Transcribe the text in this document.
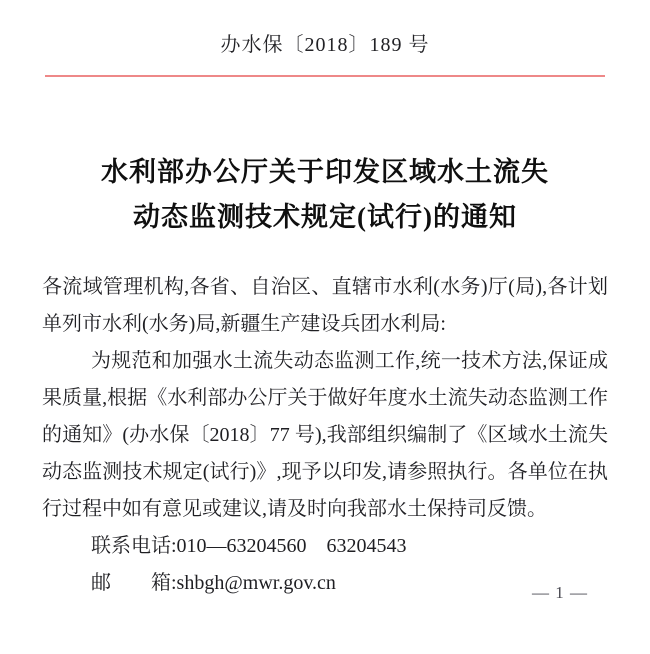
办水保〔2018〕189 号
水利部办公厅关于印发区域水土流失
动态监测技术规定(试行)的通知

各流域管理机构,各省、自治区、直辖市水利(水务)厅(局),各计划单列市水利(水务)局,新疆生产建设兵团水利局:

为规范和加强水土流失动态监测工作,统一技术方法,保证成果质量,根据《水利部办公厅关于做好年度水土流失动态监测工作的通知》(办水保〔2018〕77 号),我部组织编制了《区域水土流失动态监测技术规定(试行)》,现予以印发,请参照执行。各单位在执行过程中如有意见或建议,请及时向我部水土保持司反馈。

联系电话:010—63204560　63204543

邮　　箱:shbgh@mwr.gov.cn	— 1 —
